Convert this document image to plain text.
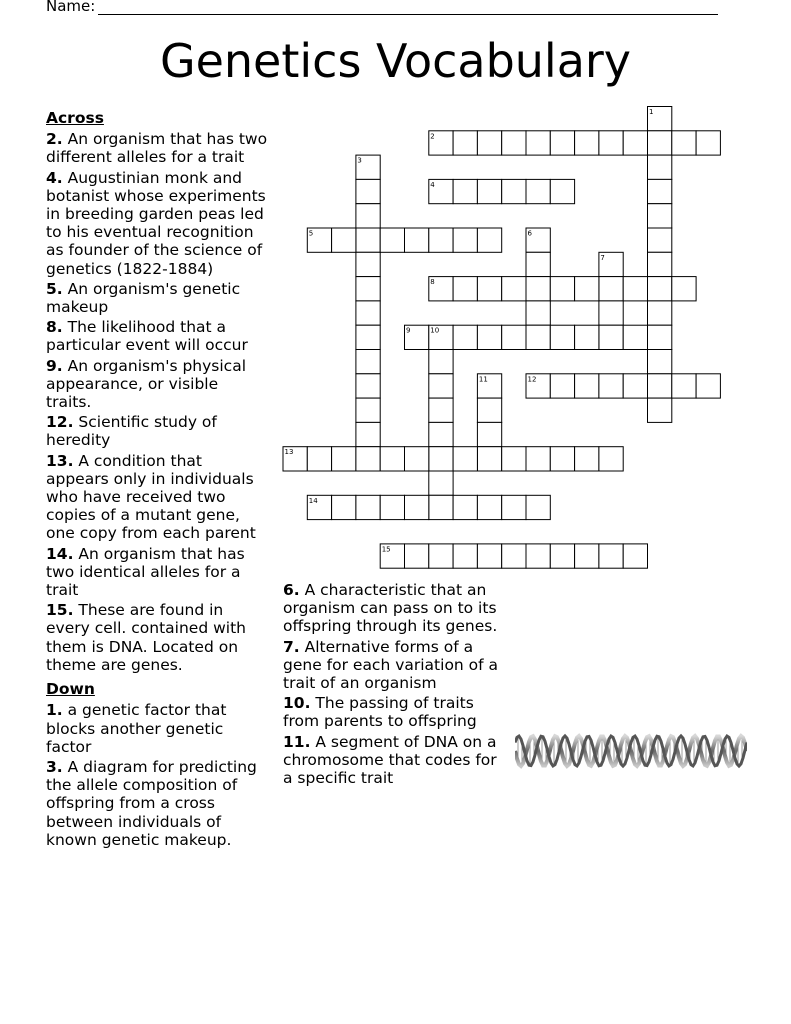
Name:
Genetics Vocabulary
Across
2. An organism that has two different alleles for a trait
4. Augustinian monk and botanist whose experiments in breeding garden peas led to his eventual recognition as founder of the science of genetics (1822-1884)
5. An organism's genetic makeup
8. The likelihood that a particular event will occur
9. An organism's physical appearance, or visible traits.
12. Scientific study of heredity
13. A condition that appears only in individuals who have received two copies of a mutant gene, one copy from each parent
14. An organism that has two identical alleles for a trait
15. These are found in every cell. contained with them is DNA. Located on theme are genes.
Down
1. a genetic factor that blocks another genetic factor
3. A diagram for predicting the allele composition of offspring from a cross between individuals of known genetic makeup.
6. A characteristic that an organism can pass on to its offspring through its genes.
7. Alternative forms of a gene for each variation of a trait of an organism
10. The passing of traits from parents to offspring
11. A segment of DNA on a chromosome that codes for a specific trait
1
2
3
4
5	6
7
8
9	10
11	12
13
14
15
